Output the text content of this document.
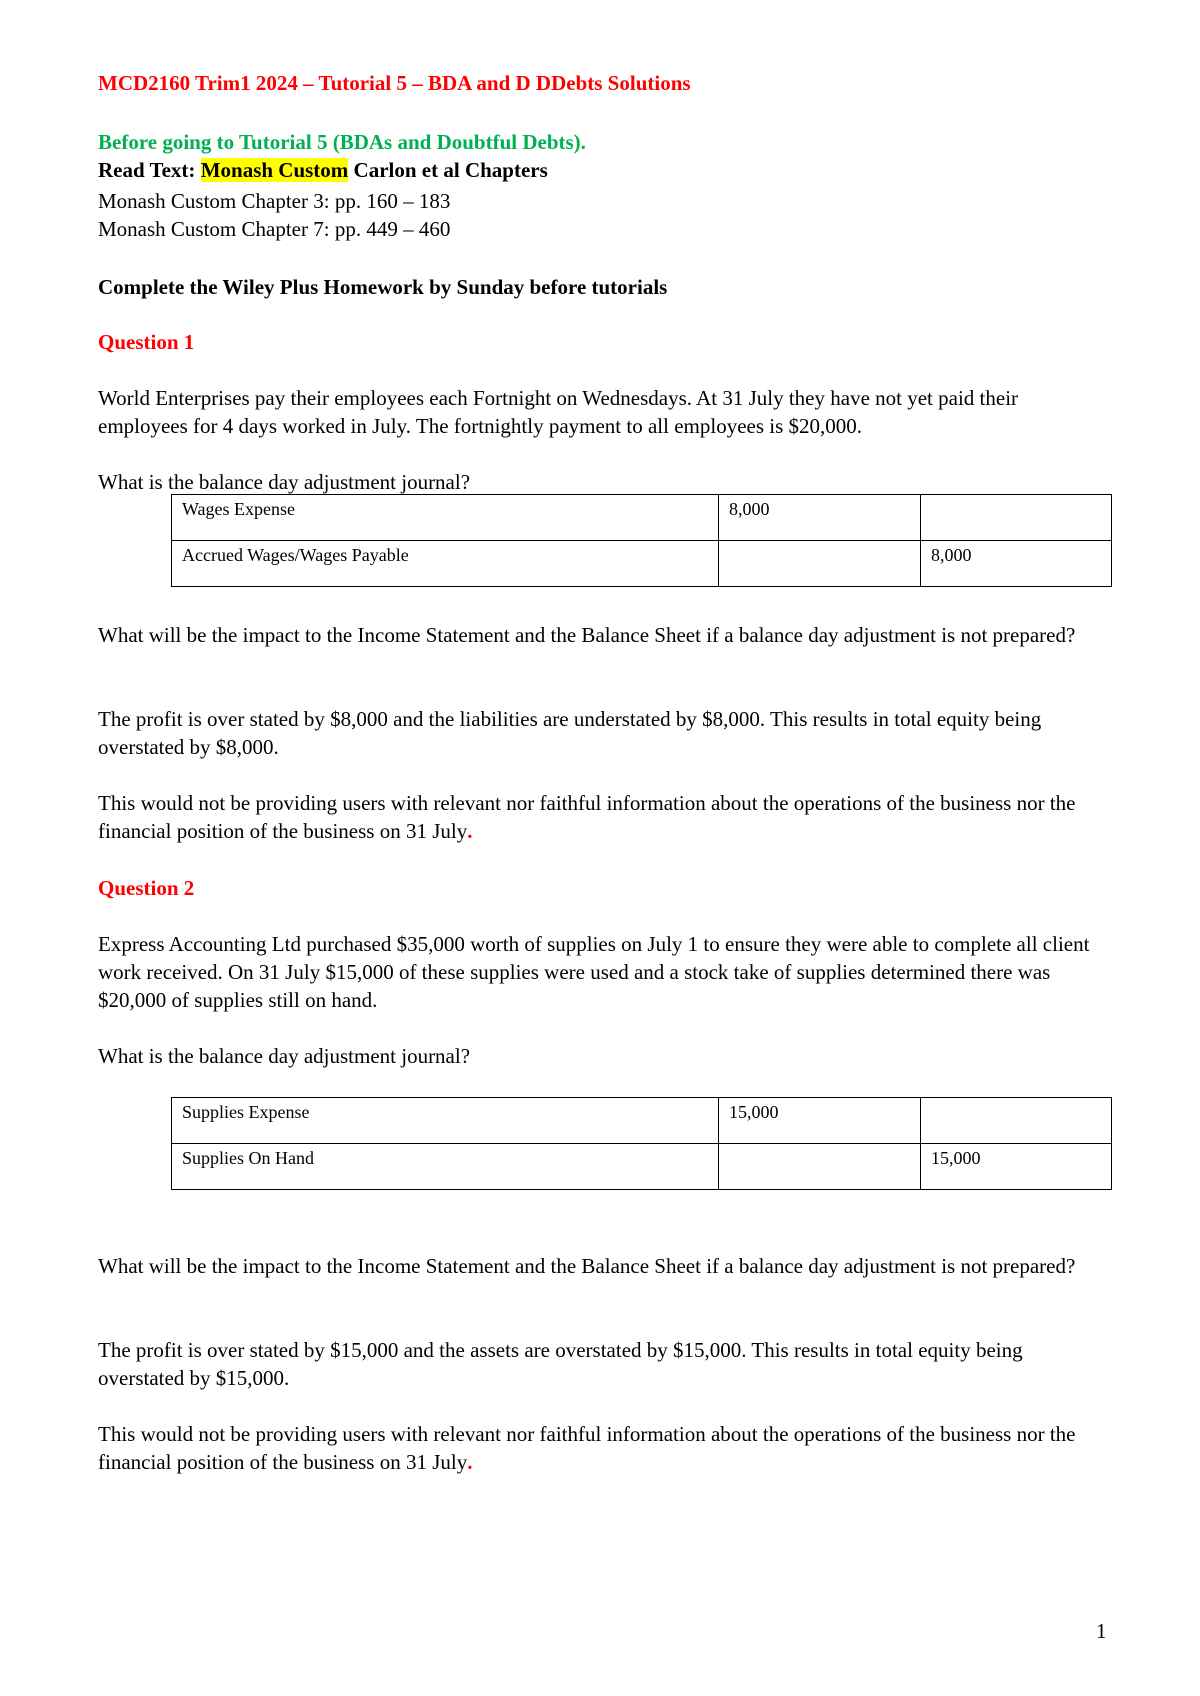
MCD2160 Trim1 2024 – Tutorial 5 – BDA and D DDebts Solutions

Before going to Tutorial 5 (BDAs and Doubtful Debts).

Read Text: Monash Custom Carlon et al Chapters

Monash Custom Chapter 3: pp. 160 – 183

Monash Custom Chapter 7: pp. 449 – 460

Complete the Wiley Plus Homework by Sunday before tutorials

Question 1

World Enterprises pay their employees each Fortnight on Wednesdays. At 31 July they have not yet paid their employees for 4 days worked in July. The fortnightly payment to all employees is $20,000.

What is the balance day adjustment journal?

Wages Expense	8,000	
Accrued Wages/Wages Payable		8,000

What will be the impact to the Income Statement and the Balance Sheet if a balance day adjustment is not prepared?

The profit is over stated by $8,000 and the liabilities are understated by $8,000. This results in total equity being overstated by $8,000.

This would not be providing users with relevant nor faithful information about the operations of the business nor the financial position of the business on 31 July.

Question 2

Express Accounting Ltd purchased $35,000 worth of supplies on July 1 to ensure they were able to complete all client work received. On 31 July $15,000 of these supplies were used and a stock take of supplies determined there was $20,000 of supplies still on hand.

What is the balance day adjustment journal?

Supplies Expense	15,000	
Supplies On Hand		15,000

What will be the impact to the Income Statement and the Balance Sheet if a balance day adjustment is not prepared?

The profit is over stated by $15,000 and the assets are overstated by $15,000. This results in total equity being overstated by $15,000.

This would not be providing users with relevant nor faithful information about the operations of the business nor the financial position of the business on 31 July.

1
